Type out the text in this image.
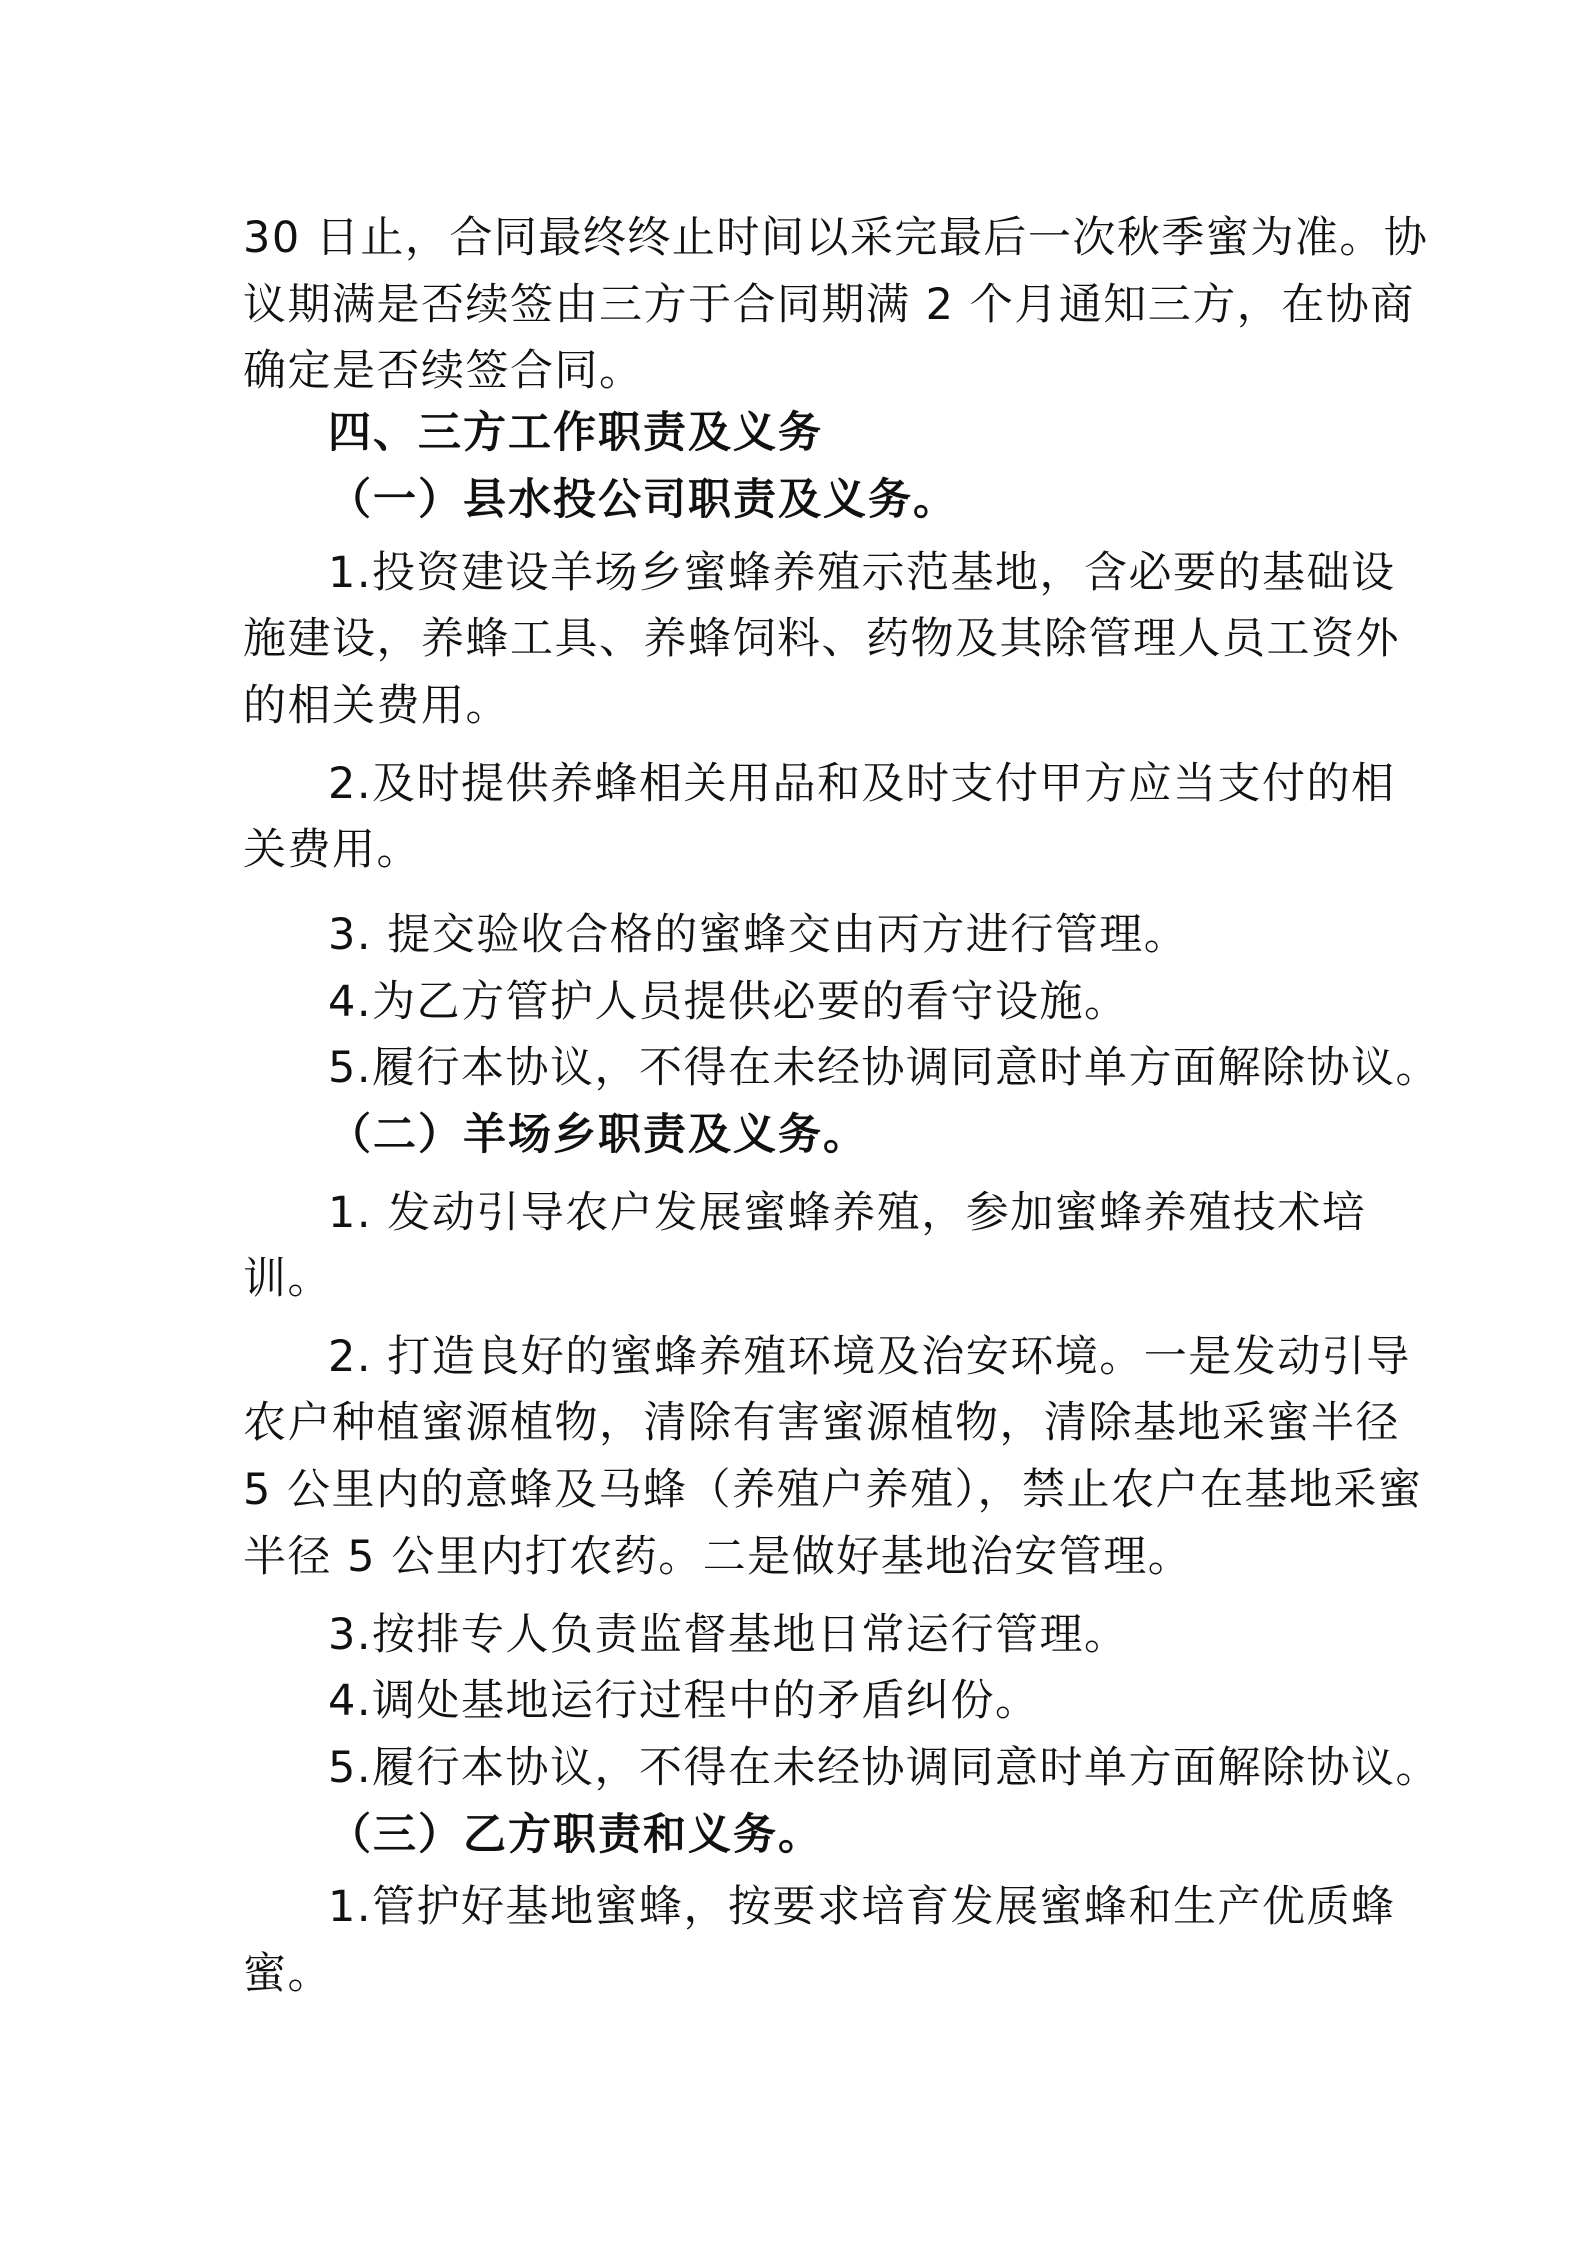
30 日止，合同最终终止时间以采完最后一次秋季蜜为准。协
议期满是否续签由三方于合同期满 2 个月通知三方，在协商
确定是否续签合同。
四、三方工作职责及义务
（一）县水投公司职责及义务。
1.投资建设羊场乡蜜蜂养殖示范基地，含必要的基础设
施建设，养蜂工具、养蜂饲料、药物及其除管理人员工资外
的相关费用。
2.及时提供养蜂相关用品和及时支付甲方应当支付的相
关费用。
3. 提交验收合格的蜜蜂交由丙方进行管理。
4.为乙方管护人员提供必要的看守设施。
5.履行本协议，不得在未经协调同意时单方面解除协议。
（二）羊场乡职责及义务。
1. 发动引导农户发展蜜蜂养殖，参加蜜蜂养殖技术培
训。
2. 打造良好的蜜蜂养殖环境及治安环境。一是发动引导
农户种植蜜源植物，清除有害蜜源植物，清除基地采蜜半径
5 公里内的意蜂及马蜂（养殖户养殖），禁止农户在基地采蜜
半径 5 公里内打农药。二是做好基地治安管理。
3.按排专人负责监督基地日常运行管理。
4.调处基地运行过程中的矛盾纠份。
5.履行本协议，不得在未经协调同意时单方面解除协议。
（三）乙方职责和义务。
1.管护好基地蜜蜂，按要求培育发展蜜蜂和生产优质蜂
蜜。
